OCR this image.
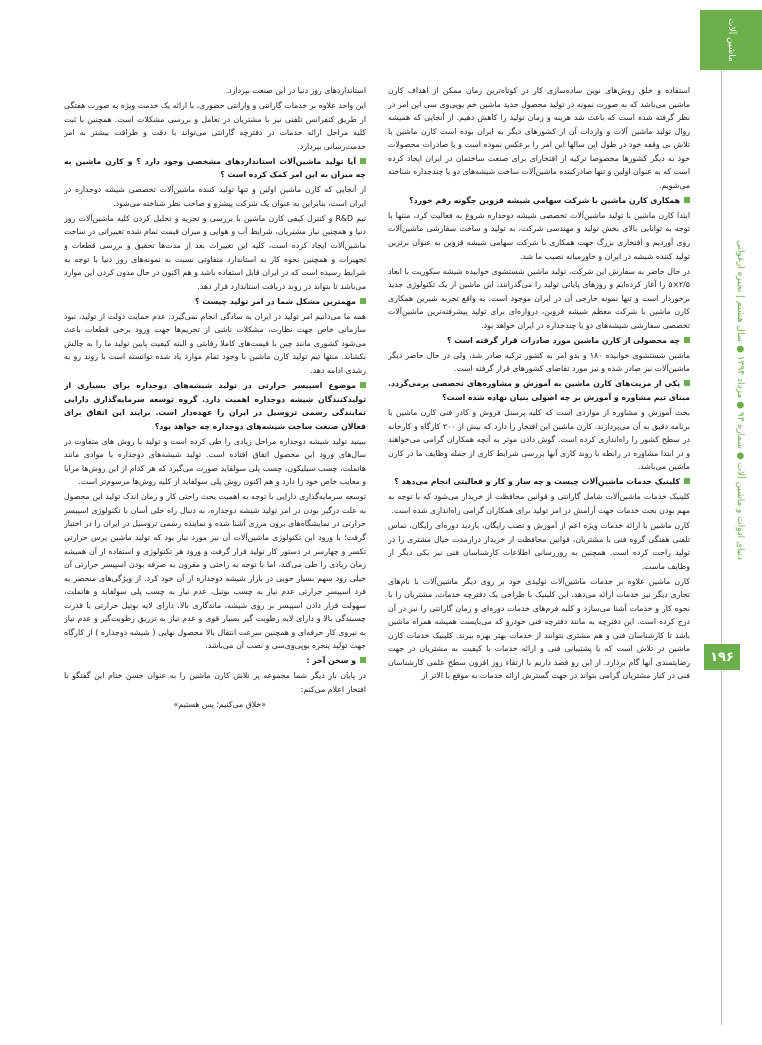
ماشین آلات
دنیای ادوات و ماشین آلات ● شماره ۹۳ ● مرداد ۱۳۹۴ ● سال هشتم | نجیره ارغوانی
۱۹۶

استفاده و خلق روش‌های نوین ساده‌سازی کار در کوتاه‌ترین زمان ممکن از اهداف کارن ماشین می‌باشد که به صورت نمونه در تولید محصول جدید ماشین خم یوپی‌وی سی این امر در نظر گرفته شده است که باعث شد هزینه و زمان تولید را کاهش دهیم. از آنجایی که همیشه روال تولید ماشین آلات و واردات آن از کشورهای دیگر به ایران بوده است کارن ماشین با تلاش بی وقفه خود در طول این سالها این امر را برعکس نموده است و با صادرات محصولات خود به دیگر کشورها مخصوصا ترکیه از افتخارای برای صنعت ساختمان در ایران ایجاد کرده است که به عنوان اولین و تنها صادرکننده ماشین‌آلات ساخت شیشه‌های دو یا چندجداره شناخته می‌شویم.

همکاری کارن ماشین با شرکت سهامی شیشه قزوین چگونه رقم خورد؟

ابتدا کارن ماشین با تولید ماشین‌آلات تخصصی شیشه دوجداره شروع به فعالیت کرد، منتها با توجه به توانایی بالای بخش تولید و مهندسی شرکت، به تولید و ساخت سفارشی ماشین‌آلات روی آوردیم و افتخاری بزرگ جهت همکاری با شرکت سهامی شیشه قزوین به عنوان برترین تولید کننده شیشه در ایران و خاورمیانه نصیب ما شد.

در حال حاضر به سفارش این شرکت، تولید ماشین شستشوی خوابیده شیشه سکوریت با ابعاد ۲/۵×۵ را آغاز کرده‌ایم و روزهای پایانی تولید را می‌گذرانند، این ماشین از یک تکنولوژی جدید برخوردار است و تنها نمونه خارجی آن در ایران موجود است. به واقع تجربه شیرین همکاری کارن ماشین با شرکت معظم شیشه قزوین، دروازه‌ای برای تولید پیشرفته‌ترین ماشین‌آلات تخصصی سفارشی شیشه‌های دو یا چندجداره در ایران خواهد بود.

چه محصولی از کارن ماشین مورد صادرات قرار گرفته است ؟

ماشین شستشوی خوابیده ۱۸۰ و بدو امر به کشور ترکیه صادر شد، ولی در حال حاضر دیگر ماشین‌آلات نیز صادر شده و نیز مورد تقاضای کشورهای قرار گرفته است.

یکی از مزیت‌های کارن ماشین به آموزش و مشاوره‌های تخصصی پرمی‌گردد. مبنای تیم مشاوره و آموزش بر چه اصولی بنیان نهاده شده است؟

بحث آموزش و مشاوره از مواردی است که کلیه پرسنل فروش و کادر فنی کارن ماشین با برنامه دقیق به آن می‌پردازند. کارن ماشین این افتخار را دارد که بیش از ۲۰۰ کارگاه و کارخانه در سطح کشور را راه‌اندازی کرده است. گوش دادن موثر به آنچه همکاران گرامی می‌خواهند و در ابتدا مشاوره در رابطه با روند کاری آنها بررسی شرایط کاری از جمله وظایف ما در کارن ماشین می‌باشد.

کلینیک خدمات ماشین‌آلات چیست و چه ساز و کار و فعالیتی انجام می‌دهد ؟

کلینیک خدمات ماشین‌آلات شامل گارانتی و قوانین محافظت از خریدار می‌شود که با توجه به مهم بودن بحث خدمات جهت آرامش در امر تولید برای همکاران گرامی راه‌اندازی شده است.

کارن ماشین با ارائه خدمات ویژه اعم از آموزش و نصب رایگان، بازدید دوره‌ای رایگان، تماس تلفنی هفتگی گروه فنی با مشتریان، قوانین محافظت از خریدار درازمدت خیال مشتری را در تولید راحت کرده است. همچنین به روزرسانی اطلاعات کارشناسان فنی نیز یکی دیگر از وظایف ماست.

کارن ماشین علاوه بر خدمات ماشین‌آلات تولیدی خود بر روی دیگر ماشین‌آلات با نام‌های تجاری دیگر نیز خدمات ارائه می‌دهد. این کلینیک با طراحی یک دفترچه خدمات، مشتریان را با نحوه کار و خدمات آشنا می‌سازد و کلیه فرم‌های خدمات دوره‌ای و زمان گارانتی را نیز در آن درج کرده است. این دفترچه به مانند دفترچه فنی خودرو که می‌بایست همیشه همراه ماشین باشد تا کارشناسان فنی و هم مشتری بتوانند از خدمات بهتر بهره ببرند. کلینیک خدمات کارن ماشین در تلاش است که با پشتیبانی فنی و ارائه خدمات با کیفیت به مشتریان در جهت رضایتمندی آنها گام بردارد. از این رو قصد داریم با ارتقاء روز افزون سطح علمی کارشناسان فنی در کنار مشتریان گرامی بتواند در جهت گسترش ارائه خدمات به موقع با الاتر از

استانداردهای روز دنیا در این صنعت بپردازد.

این واحد علاوه بر خدمات گارانتی و وارانتی حضوری، با ارائه یک خدمت ویژه به صورت هفتگی از طریق کنفرانس تلفنی نیز با مشتریان در تعامل و بررسی مشکلات است. همچنین با ثبت کلیه مراحل ارائه خدمات در دفترچه گارانتی می‌تواند با دقت و ظرافت بیشتر به امر خدمت‌رسانی بپردازد.

آیا تولید ماشین‌آلات استانداردهای مشخصی وجود دارد ؟ و کارن ماشین به چه میزان به این امر کمک کرده است ؟

از آنجایی که کارن ماشین اولین و تنها تولید کننده ماشین‌آلات تخصصی شیشه دوجداره در ایران است، بنابراین به عنوان یک شرکت پیشرو و صاحب نظر شناخته می‌شود.

تیم R&D و کنترل کیفی کارن ماشین با بررسی و تجزیه و تحلیل کردن کلیه ماشین‌آلات روز دنیا و همچنین نیاز مشتریان، شرایط آب و هوایی و میزان قیمت تمام شده تغییراتی در ساخت ماشین‌آلات ایجاد کرده است، کلیه این تغییرات بعد از مدت‌ها تحقیق و بررسی قطعات و تجهیزات و همچنین نحوه کار به استاندارد متفاوتی نسبت به نمونه‌های روز دنیا با توجه به شرایط رسیده است که در ایران قابل استفاده باشد و هم اکنون در حال مدون کردن این موارد می‌باشد تا بتواند در روند دریافت استاندارد قرار دهد.

مهمترین مشکل شما در امر تولید چیست ؟

همه ما می‌دانیم امر تولید در ایران به سادگی انجام نمی‌گیرد. عدم حمایت دولت از تولید، نبود سازمانی خاص جهت نظارت، مشکلات ناشی از تحریم‌ها جهت ورود برخی قطعات باعث می‌شود کشوری مانند چین با قیمت‌های کاملا رقابتی و البته کیفیت پایین تولید ما را به چالش بکشاند. منتها تیم تولید کارن ماشین با وجود تمام موارد یاد شده توانسته است با روند رو به رشدی ادامه دهد.

موضوع اسپیسر حرارتی در تولید شیشه‌های دوجداره برای بسیاری از تولیدکنندگان شیشه دوجداره اهمیت دارد. گروه توسعه سرمایه‌گذاری دارایی تمایندگی رسمی تروسیل در ایران را عهده‌دار است. برایند این اتفاق برای فعالان صنعت ساخت شیشه‌های دوجداره چه خواهد بود؟

ببینید تولید شیشه دوجداره مراحل زیادی را طی کرده است و تولید با روش های متفاوت در سال‌های ورود این محصول اتفاق افتاده است. تولید شیشه‌های دوجداره با موادی مانند هاتملت، چسب سیلیکون، چسب پلی سولفاید صورت می‌گیرد که هر کدام از این روش‌ها مزایا و معایب خاص خود را دارد و هم اکنون روش پلی سولفاید از کلیه روش‌ها مرسوم‌تر است.

توسعه سرمایه‌گذاری دارایی با توجه به اهمیت بحث راحتی کار و زمان اندک تولید این محصول به علت درگیر بودن در امر تولید شیشه دوجداره، به دنبال راه حلی آسان با تکنولوژی اسپیسر حرارتی در نمایشگاه‌های برون مرزی آشنا شده و نماینده رسمی تروسیل در ایران را در اختیار گرفت؛ با ورود این تکنولوژی ماشین‌آلات آن نیز مورد نیاز بود که تولید ماشین پرس حرارتی تکسر و چهارسر در دستور کار تولید قرار گرفت و ورود هر تکنولوژی و استفاده از آن همیشه زمان زیادی را طی می‌کند، اما با توجه به راحتی و مقرون به صرفه بودن اسپیسر حرارتی آن خیلی زود سهم بسیار خوبی در بازار شیشه دوجداره از آن خود کرد. از ویژگی‌های منحصر به فرد اسپیسر حرارتی عدم نیاز به چسب بوتیل، عدم نیاز به چسب پلی سولفاید و هاتملت، سهولت قرار دادن اسپیسر بر روی شیشه، ماندگاری بالا، دارای لایه بوتیل حرارتی با قدرت چسبندگی بالا و دارای لایه رطوبت گیر بسیار قوی و عدم نیاز به تزریق رطوبت‌گیر و عدم نیاز به نیروی کار حرفه‌ای و همچنین سرعت انتقال بالا محصول نهایی ( شیشه دوجداره ) از کارگاه جهت تولید پنجره یوپی‌وی‌سی و نصب آن می‌باشد.

و سخن آخر :

در پایان بار دیگر شما مجموعه پر تلاش کارن ماشین را به عنوان حسن ختام این گفتگو با افتخار اعلام می‌کنم:

«خلاق می‌کنیم؛ پس هستیم»
